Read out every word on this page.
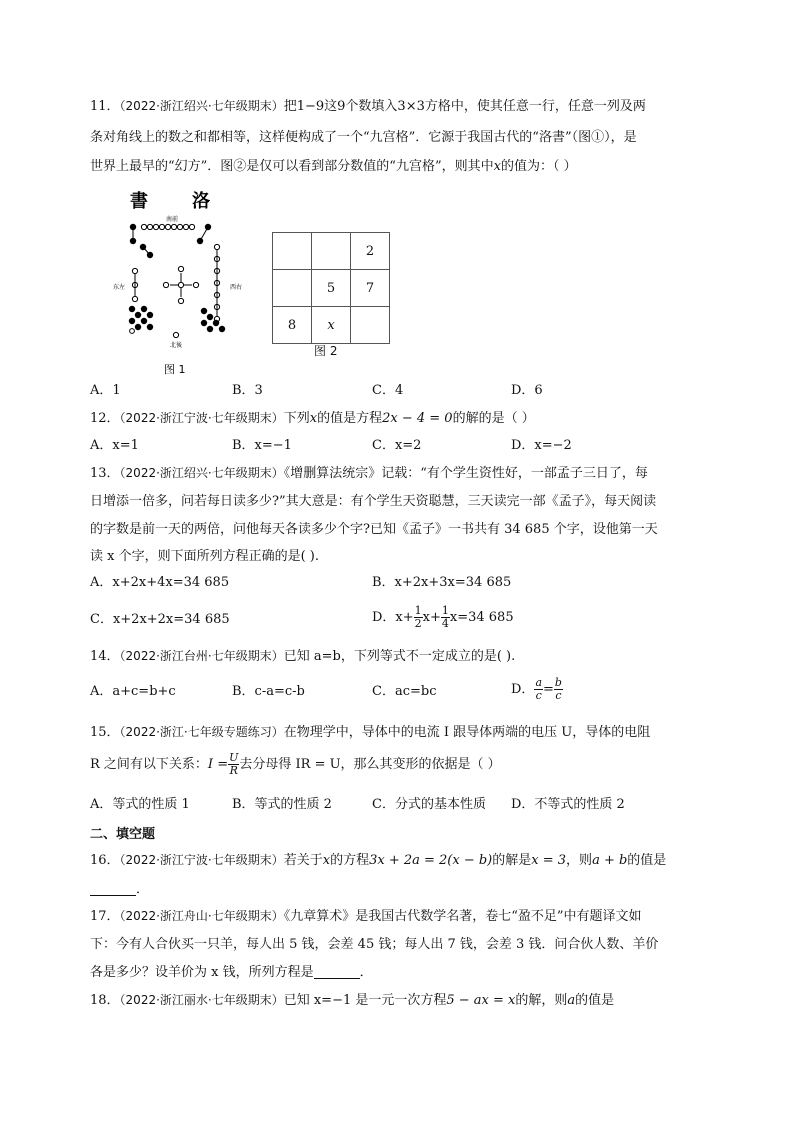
11．（2022·浙江绍兴·七年级期末）把1−9这9个数填入3×3方格中，使其任意一行，任意一列及两
条对角线上的数之和都相等，这样便构成了一个“九宫格”．它源于我国古代的“洛書”（图①），是
世界上最早的“幻方”．图②是仅可以看到部分数值的“九宫格”，则其中x的值为：（ ）
書 洛
南前
东左	西右
北後
图 1
		2
	5	7
8	x	
图 2
A．1	B．3	C．4	D．6
12．（2022·浙江宁波·七年级期末）下列x的值是方程2x − 4 = 0的解的是（ ）
A．x=1	B．x=−1	C．x=2	D．x=−2
13．（2022·浙江绍兴·七年级期末）《增删算法统宗》记载：“有个学生资性好，一部孟子三日了，每
日增添一倍多，问若每日读多少?”其大意是：有个学生天资聪慧，三天读完一部《孟子》，每天阅读
的字数是前一天的两倍，问他每天各读多少个字?已知《孟子》一书共有 34 685 个字，设他第一天
读 x 个字，则下面所列方程正确的是( ).
A．x+2x+4x=34 685	B．x+2x+3x=34 685
C．x+2x+2x=34 685	D．$x+ \frac{1}{2} x+ \frac{1}{4} x=34$ 685
14．（2022·浙江台州·七年级期末）已知 a=b，下列等式不一定成立的是( ).
A．a+c=b+c	B．c-a=c-b	C．ac=bc	D． $\frac{a}{c} = \frac{b}{c}$
15．（2022·浙江·七年级专题练习）在物理学中，导体中的电流 I 跟导体两端的电压 U，导体的电阻
R 之间有以下关系：$I = \frac{U}{R}$ 去分母得 IR = U，那么其变形的依据是（ ）
A．等式的性质 1	B．等式的性质 2	C．分式的基本性质 D．不等式的性质 2
二、填空题
16．（2022·浙江宁波·七年级期末）若关于x的方程3x + 2a = 2(x − b)的解是x = 3，则a + b的值是
．
17．（2022·浙江舟山·七年级期末）《九章算术》是我国古代数学名著，卷七“盈不足”中有题译文如
下：今有人合伙买一只羊，每人出 5 钱，会差 45 钱；每人出 7 钱，会差 3 钱．问合伙人数、羊价
各是多少？设羊价为 x 钱，所列方程是	．
18．（2022·浙江丽水·七年级期末）已知 x=−1 是一元一次方程5 − ax = x的解，则a的值是
